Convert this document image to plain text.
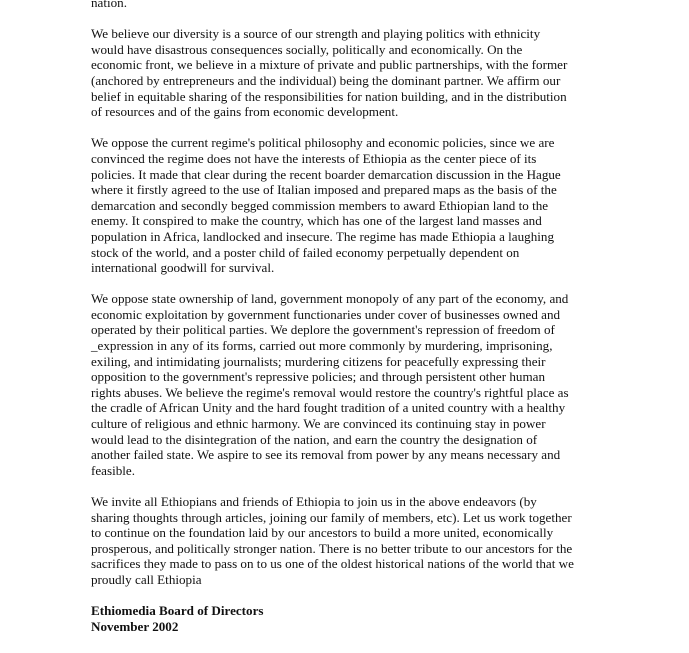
nation.
We believe our diversity is a source of our strength and playing politics with ethnicity
would have disastrous consequences socially, politically and economically. On the
economic front, we believe in a mixture of private and public partnerships, with the former
(anchored by entrepreneurs and the individual) being the dominant partner. We affirm our
belief in equitable sharing of the responsibilities for nation building, and in the distribution
of resources and of the gains from economic development.
We oppose the current regime's political philosophy and economic policies, since we are
convinced the regime does not have the interests of Ethiopia as the center piece of its
policies. It made that clear during the recent boarder demarcation discussion in the Hague
where it firstly agreed to the use of Italian imposed and prepared maps as the basis of the
demarcation and secondly begged commission members to award Ethiopian land to the
enemy. It conspired to make the country, which has one of the largest land masses and
population in Africa, landlocked and insecure. The regime has made Ethiopia a laughing
stock of the world, and a poster child of failed economy perpetually dependent on
international goodwill for survival.
We oppose state ownership of land, government monopoly of any part of the economy, and
economic exploitation by government functionaries under cover of businesses owned and
operated by their political parties. We deplore the government's repression of freedom of
_expression in any of its forms, carried out more commonly by murdering, imprisoning,
exiling, and intimidating journalists; murdering citizens for peacefully expressing their
opposition to the government's repressive policies; and through persistent other human
rights abuses. We believe the regime's removal would restore the country's rightful place as
the cradle of African Unity and the hard fought tradition of a united country with a healthy
culture of religious and ethnic harmony. We are convinced its continuing stay in power
would lead to the disintegration of the nation, and earn the country the designation of
another failed state. We aspire to see its removal from power by any means necessary and
feasible.
We invite all Ethiopians and friends of Ethiopia to join us in the above endeavors (by
sharing thoughts through articles, joining our family of members, etc). Let us work together
to continue on the foundation laid by our ancestors to build a more united, economically
prosperous, and politically stronger nation. There is no better tribute to our ancestors for the
sacrifices they made to pass on to us one of the oldest historical nations of the world that we
proudly call Ethiopia
Ethiomedia Board of Directors
November 2002
